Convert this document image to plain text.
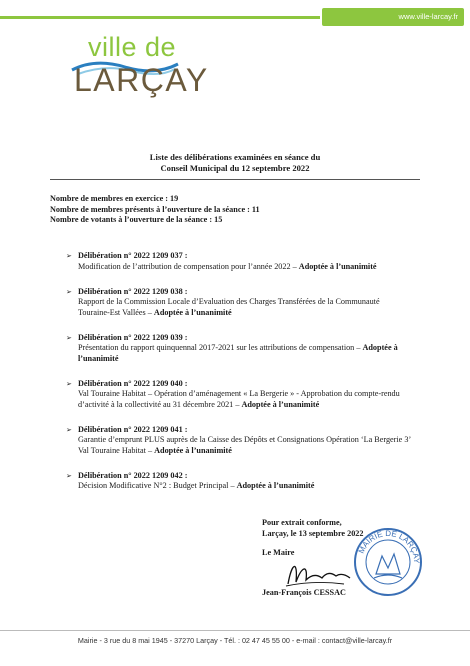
www.ville-larcay.fr
ville de
LARÇAY
Liste des délibérations examinées en séance du
Conseil Municipal du 12 septembre 2022
Nombre de membres en exercice : 19
Nombre de membres présents à l’ouverture de la séance : 11
Nombre de votants à l’ouverture de la séance : 15
➢ Délibération n° 2022 1209 037 :
Modification de l’attribution de compensation pour l’année 2022 – Adoptée à l’unanimité
➢ Délibération n° 2022 1209 038 :
Rapport de la Commission Locale d’Evaluation des Charges Transférées de la Communauté Touraine-Est Vallées – Adoptée à l’unanimité
➢ Délibération n° 2022 1209 039 :
Présentation du rapport quinquennal 2017-2021 sur les attributions de compensation – Adoptée à l’unanimité
➢ Délibération n° 2022 1209 040 :
Val Touraine Habitat – Opération d’aménagement « La Bergerie » - Approbation du compte-rendu d’activité à la collectivité au 31 décembre 2021 – Adoptée à l’unanimité
➢ Délibération n° 2022 1209 041 :
Garantie d’emprunt PLUS auprès de la Caisse des Dépôts et Consignations Opération ‘La Bergerie 3’ Val Touraine Habitat – Adoptée à l’unanimité
➢ Délibération n° 2022 1209 042 :
Décision Modificative N°2 : Budget Principal – Adoptée à l’unanimité
Pour extrait conforme,
Larçay, le 13 septembre 2022
Le Maire	MAIRIE DE LARÇAY
Jean-François CESSAC
Mairie - 3 rue du 8 mai 1945 - 37270 Larçay - Tél. : 02 47 45 55 00 - e-mail : contact@ville-larcay.fr
